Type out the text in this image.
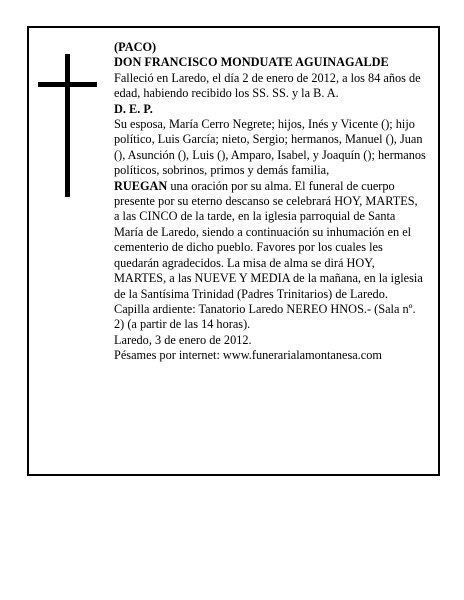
(PACO)

DON FRANCISCO MONDUATE AGUINAGALDE

Falleció en Laredo, el día 2 de enero de 2012, a los 84 años de edad, habiendo recibido los SS. SS. y la B. A.

D. E. P.

Su esposa, María Cerro Negrete; hijos, Inés y Vicente (); hijo político, Luis García; nieto, Sergio; hermanos, Manuel (), Juan (), Asunción (), Luis (), Amparo, Isabel, y Joaquín (); hermanos políticos, sobrinos, primos y demás familia,

RUEGAN una oración por su alma. El funeral de cuerpo presente por su eterno descanso se celebrará HOY, MARTES, a las CINCO de la tarde, en la iglesia parroquial de Santa María de Laredo, siendo a continuación su inhumación en el cementerio de dicho pueblo. Favores por los cuales les quedarán agradecidos. La misa de alma se dirá HOY, MARTES, a las NUEVE Y MEDIA de la mañana, en la iglesia de la Santísima Trinidad (Padres Trinitarios) de Laredo.

Capilla ardiente: Tanatorio Laredo NEREO HNOS.- (Sala nº. 2) (a partir de las 14 horas).

Laredo, 3 de enero de 2012.

Pésames por internet: www.funerarialamontanesa.com
